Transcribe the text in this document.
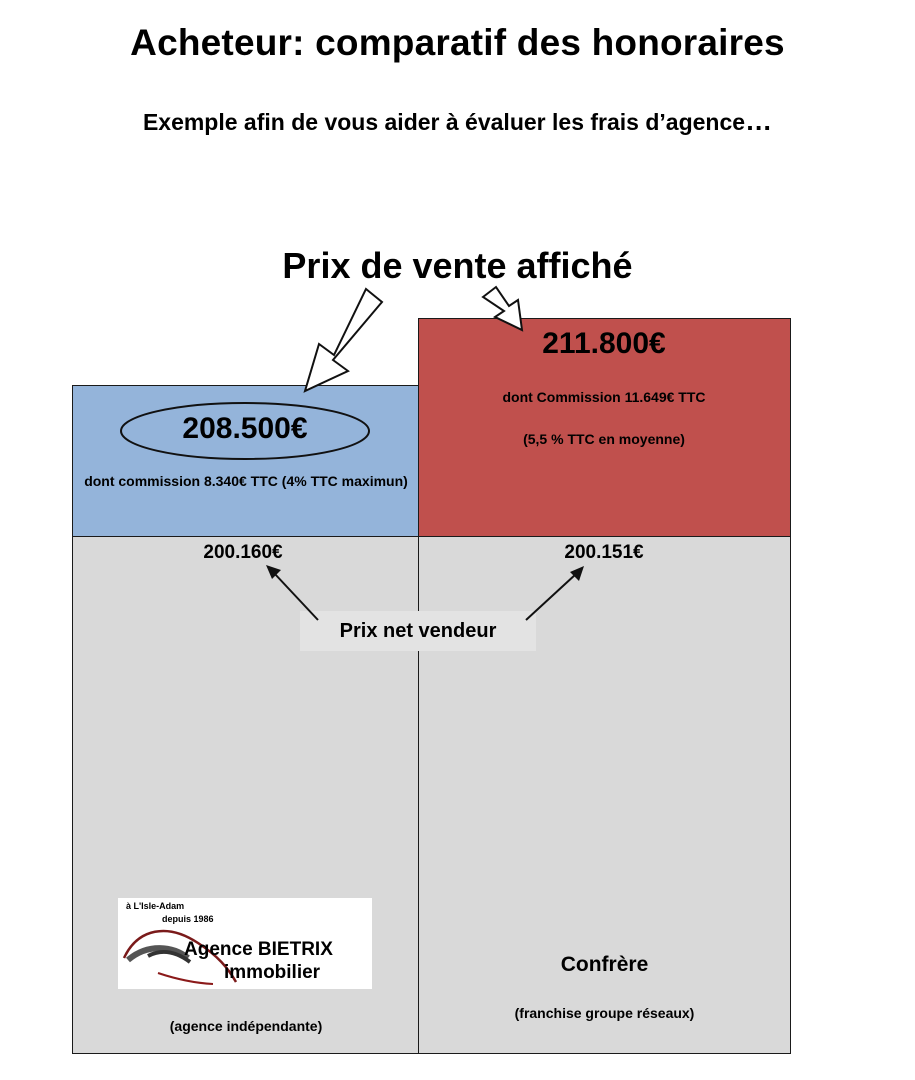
Acheteur: comparatif des honoraires
Exemple afin de vous aider à évaluer les frais d’agence…
Prix de vente affiché
dont commission 8.340€ TTC (4% TTC maximun)
211.800€
dont Commission 11.649€ TTC
(5,5 % TTC en moyenne)
200.160€
(agence indépendante)
200.151€
Confrère
(franchise groupe réseaux)
Prix net vendeur
à L'Isle-Adam
depuis 1986
Agence BIETRIX
immobilier
208.500€
